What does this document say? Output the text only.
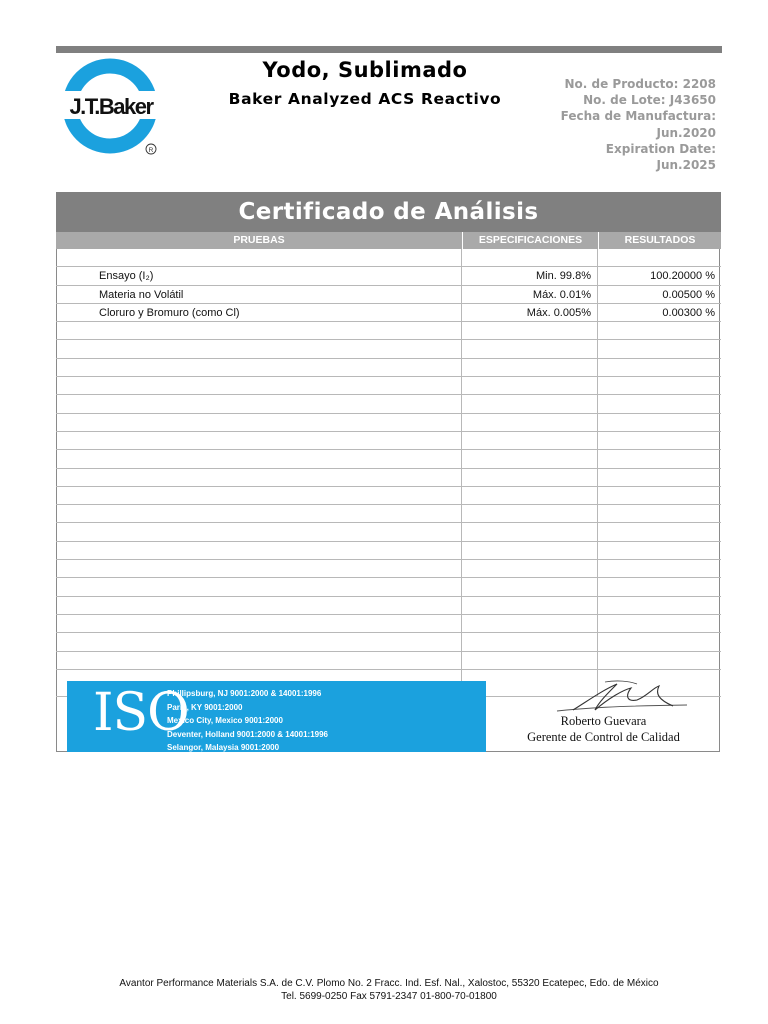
J.T.Baker
R
Yodo, Sublimado
Baker Analyzed ACS Reactivo
No. de Producto: 2208
No. de Lote: J43650
Fecha de Manufactura:
Jun.2020
Expiration Date:
Jun.2025
Certificado de Análisis
PRUEBAS	ESPECIFICACIONES	RESULTADOS
Ensayo (I₂)	Min. 99.8%	100.20000 %
Materia no Volátil	Máx. 0.01%	0.00500 %
Cloruro y Bromuro (como Cl)	Máx. 0.005%	0.00300 %
ISO
Phillipsburg, NJ 9001:2000 & 14001:1996
Paris, KY 9001:2000
Mexico City, Mexico 9001:2000
Deventer, Holland 9001:2000 & 14001:1996
Selangor, Malaysia 9001:2000
Roberto Guevara
Gerente de Control de Calidad
Avantor Performance Materials S.A. de C.V. Plomo No. 2 Fracc. Ind. Esf. Nal., Xalostoc, 55320 Ecatepec, Edo. de México
Tel. 5699-0250 Fax 5791-2347 01-800-70-01800
